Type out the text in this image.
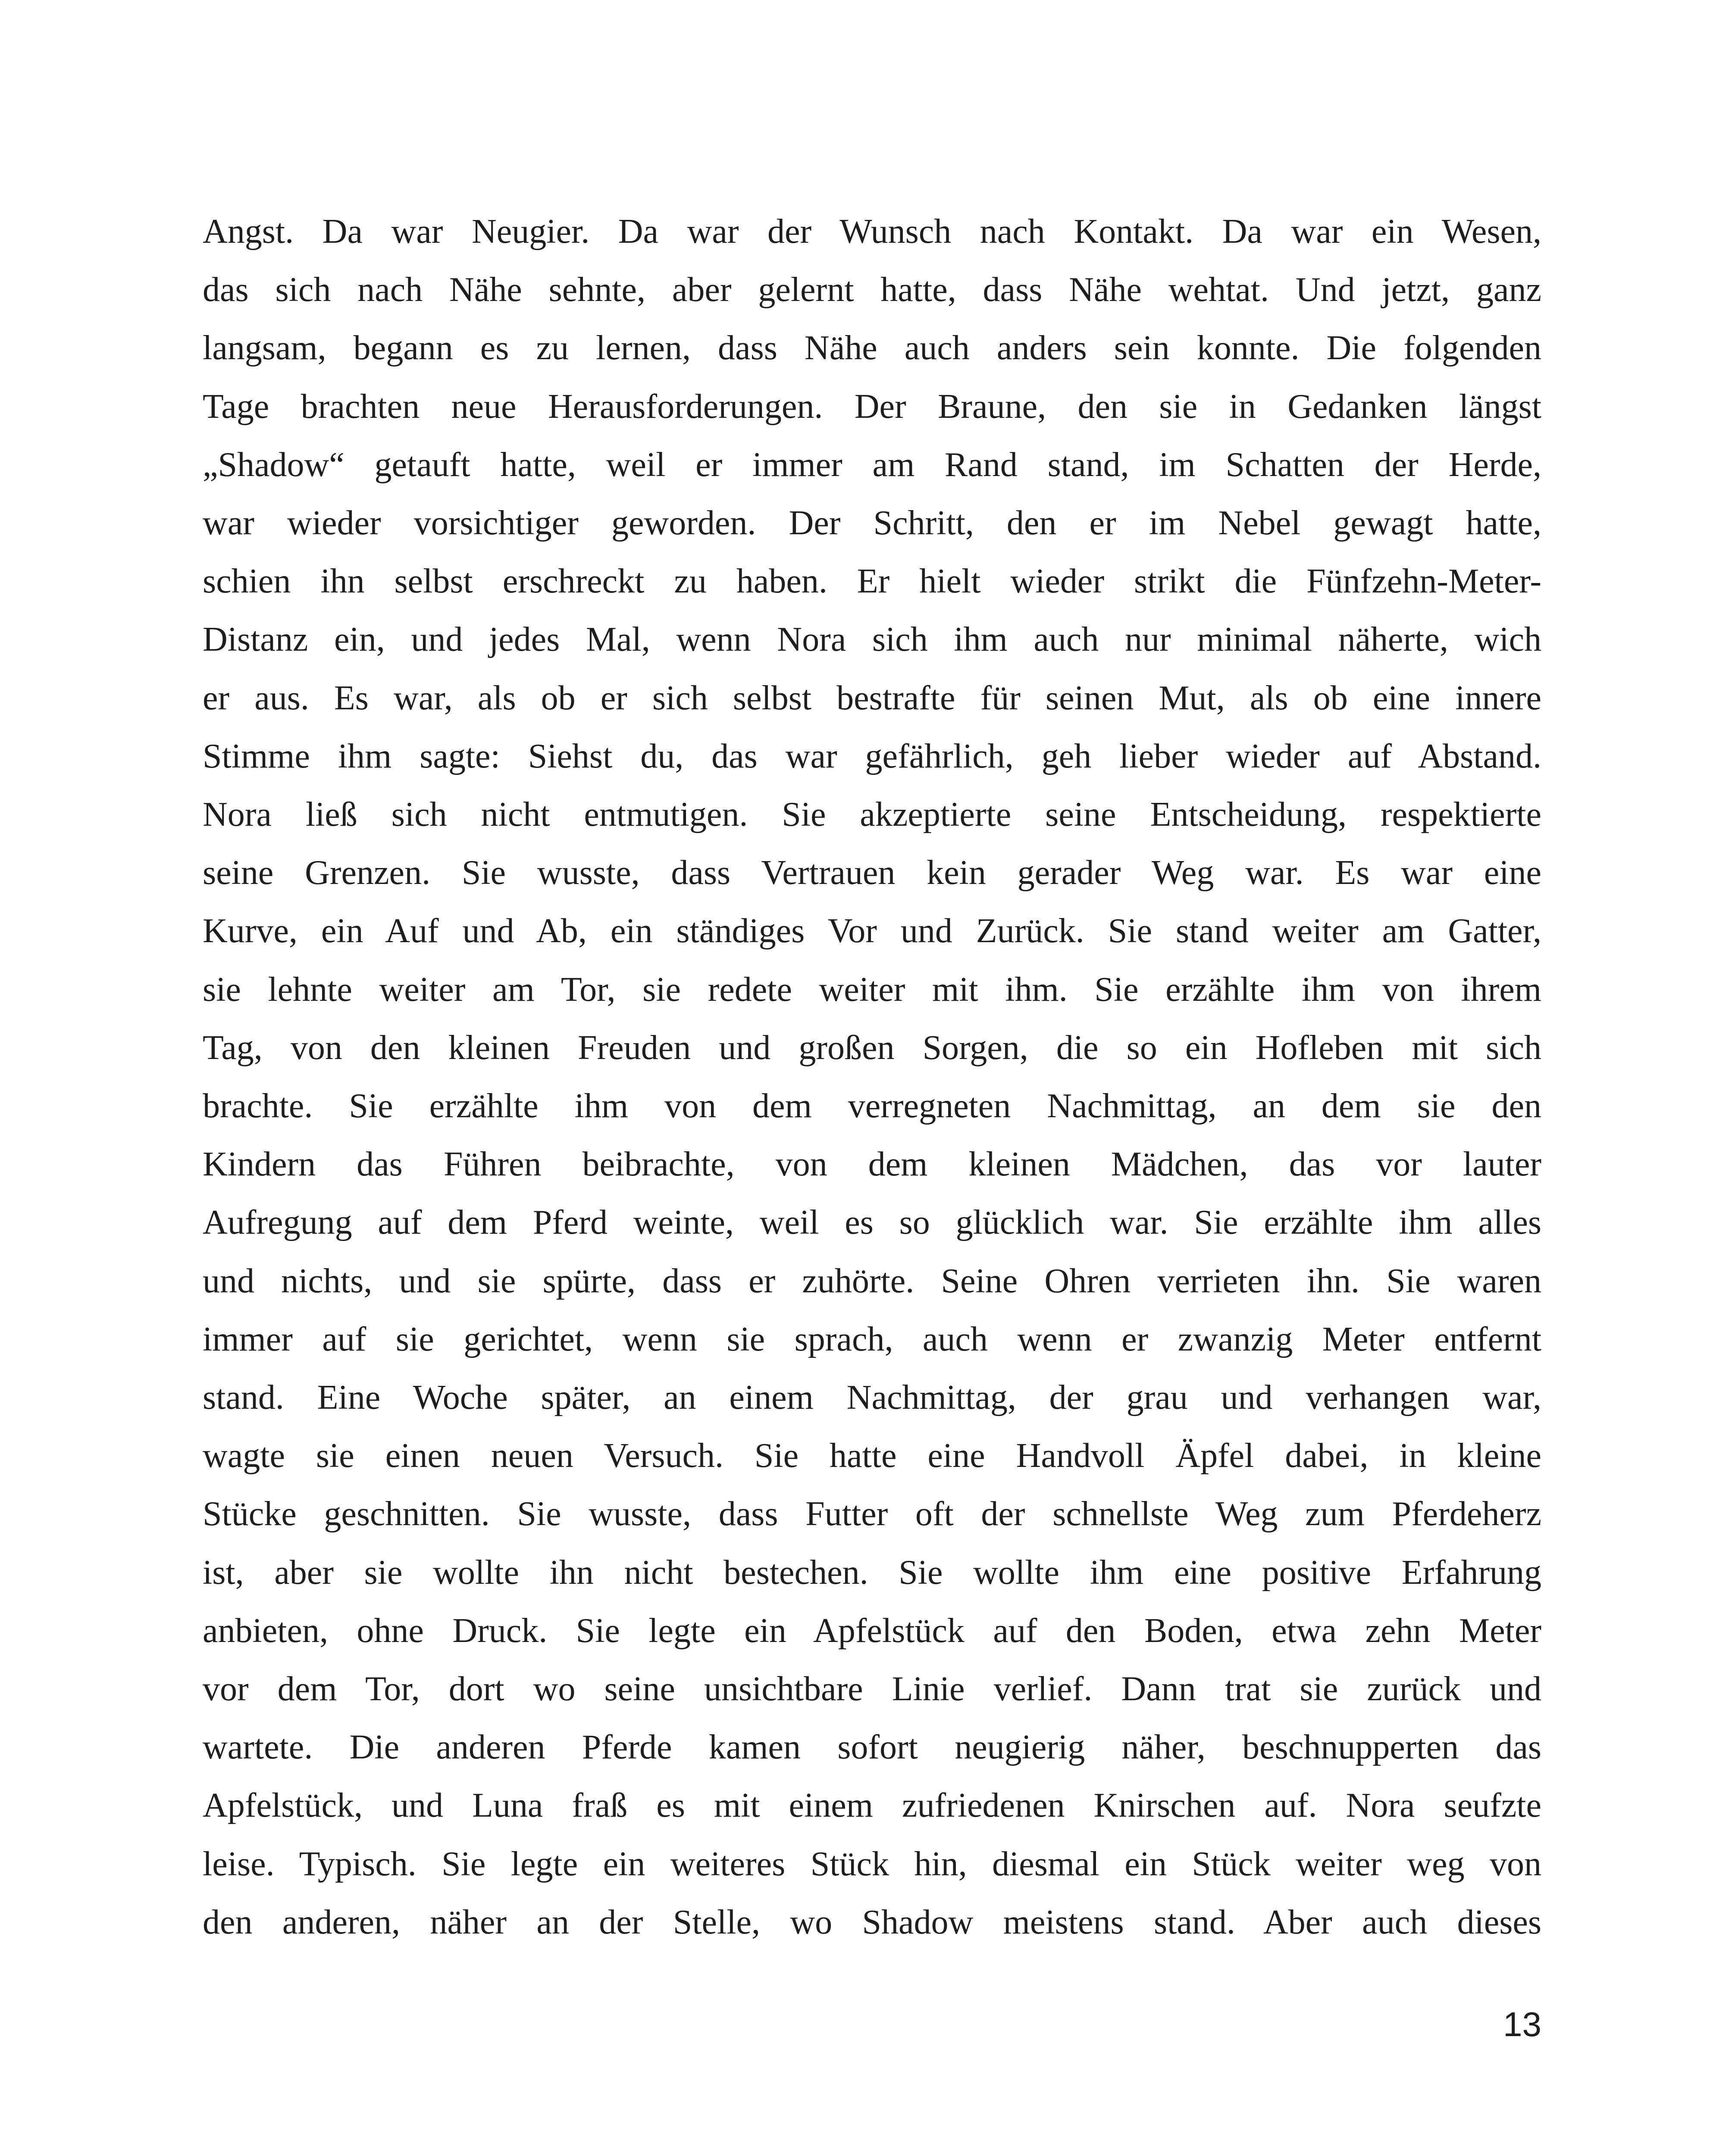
Angst. Da war Neugier. Da war der Wunsch nach Kontakt. Da war ein Wesen,
das sich nach Nähe sehnte, aber gelernt hatte, dass Nähe wehtat. Und jetzt, ganz
langsam, begann es zu lernen, dass Nähe auch anders sein konnte. Die folgenden
Tage brachten neue Herausforderungen. Der Braune, den sie in Gedanken längst
„Shadow“ getauft hatte, weil er immer am Rand stand, im Schatten der Herde,
war wieder vorsichtiger geworden. Der Schritt, den er im Nebel gewagt hatte,
schien ihn selbst erschreckt zu haben. Er hielt wieder strikt die Fünfzehn-Meter-
Distanz ein, und jedes Mal, wenn Nora sich ihm auch nur minimal näherte, wich
er aus. Es war, als ob er sich selbst bestrafte für seinen Mut, als ob eine innere
Stimme ihm sagte: Siehst du, das war gefährlich, geh lieber wieder auf Abstand.
Nora ließ sich nicht entmutigen. Sie akzeptierte seine Entscheidung, respektierte
seine Grenzen. Sie wusste, dass Vertrauen kein gerader Weg war. Es war eine
Kurve, ein Auf und Ab, ein ständiges Vor und Zurück. Sie stand weiter am Gatter,
sie lehnte weiter am Tor, sie redete weiter mit ihm. Sie erzählte ihm von ihrem
Tag, von den kleinen Freuden und großen Sorgen, die so ein Hofleben mit sich
brachte. Sie erzählte ihm von dem verregneten Nachmittag, an dem sie den
Kindern das Führen beibrachte, von dem kleinen Mädchen, das vor lauter
Aufregung auf dem Pferd weinte, weil es so glücklich war. Sie erzählte ihm alles
und nichts, und sie spürte, dass er zuhörte. Seine Ohren verrieten ihn. Sie waren
immer auf sie gerichtet, wenn sie sprach, auch wenn er zwanzig Meter entfernt
stand. Eine Woche später, an einem Nachmittag, der grau und verhangen war,
wagte sie einen neuen Versuch. Sie hatte eine Handvoll Äpfel dabei, in kleine
Stücke geschnitten. Sie wusste, dass Futter oft der schnellste Weg zum Pferdeherz
ist, aber sie wollte ihn nicht bestechen. Sie wollte ihm eine positive Erfahrung
anbieten, ohne Druck. Sie legte ein Apfelstück auf den Boden, etwa zehn Meter
vor dem Tor, dort wo seine unsichtbare Linie verlief. Dann trat sie zurück und
wartete. Die anderen Pferde kamen sofort neugierig näher, beschnupperten das
Apfelstück, und Luna fraß es mit einem zufriedenen Knirschen auf. Nora seufzte
leise. Typisch. Sie legte ein weiteres Stück hin, diesmal ein Stück weiter weg von
den anderen, näher an der Stelle, wo Shadow meistens stand. Aber auch dieses
13
